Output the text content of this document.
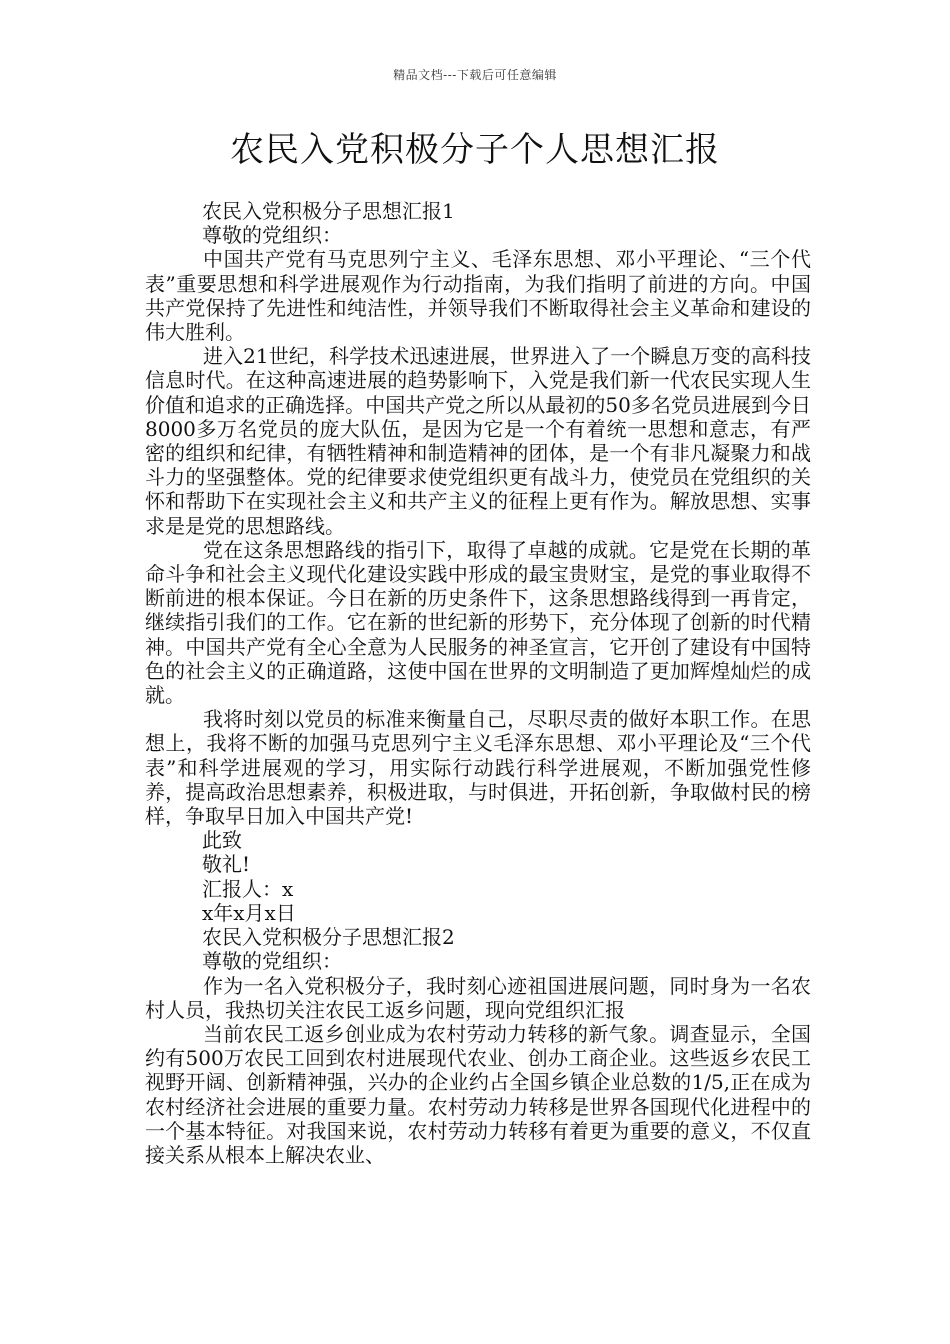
精品文档---下载后可任意编辑
农民入党积极分子个人思想汇报

农民入党积极分子思想汇报1

尊敬的党组织：

中国共产党有马克思列宁主义、毛泽东思想、邓小平理论、“三个代表”重要思想和科学进展观作为行动指南，为我们指明了前进的方向。中国共产党保持了先进性和纯洁性，并领导我们不断取得社会主义革命和建设的伟大胜利。

进入21世纪，科学技术迅速进展，世界进入了一个瞬息万变的高科技信息时代。在这种高速进展的趋势影响下，入党是我们新一代农民实现人生价值和追求的正确选择。中国共产党之所以从最初的50多名党员进展到今日8000多万名党员的庞大队伍，是因为它是一个有着统一思想和意志，有严密的组织和纪律，有牺牲精神和制造精神的团体，是一个有非凡凝聚力和战斗力的坚强整体。党的纪律要求使党组织更有战斗力，使党员在党组织的关怀和帮助下在实现社会主义和共产主义的征程上更有作为。解放思想、实事求是是党的思想路线。

党在这条思想路线的指引下，取得了卓越的成就。它是党在长期的革命斗争和社会主义现代化建设实践中形成的最宝贵财宝，是党的事业取得不断前进的根本保证。今日在新的历史条件下，这条思想路线得到一再肯定，继续指引我们的工作。它在新的世纪新的形势下，充分体现了创新的时代精神。中国共产党有全心全意为人民服务的神圣宣言，它开创了建设有中国特色的社会主义的正确道路，这使中国在世界的文明制造了更加辉煌灿烂的成就。

我将时刻以党员的标准来衡量自己，尽职尽责的做好本职工作。在思想上，我将不断的加强马克思列宁主义毛泽东思想、邓小平理论及“三个代表”和科学进展观的学习，用实际行动践行科学进展观，不断加强党性修养，提高政治思想素养，积极进取，与时俱进，开拓创新，争取做村民的榜样，争取早日加入中国共产党!

此致

敬礼!

汇报人：x

x年x月x日

农民入党积极分子思想汇报2

尊敬的党组织：

作为一名入党积极分子，我时刻心迹祖国进展问题，同时身为一名农村人员，我热切关注农民工返乡问题，现向党组织汇报

当前农民工返乡创业成为农村劳动力转移的新气象。调查显示，全国约有500万农民工回到农村进展现代农业、创办工商企业。这些返乡农民工视野开阔、创新精神强，兴办的企业约占全国乡镇企业总数的1/5,正在成为农村经济社会进展的重要力量。农村劳动力转移是世界各国现代化进程中的一个基本特征。对我国来说，农村劳动力转移有着更为重要的意义，不仅直接关系从根本上解决农业、
